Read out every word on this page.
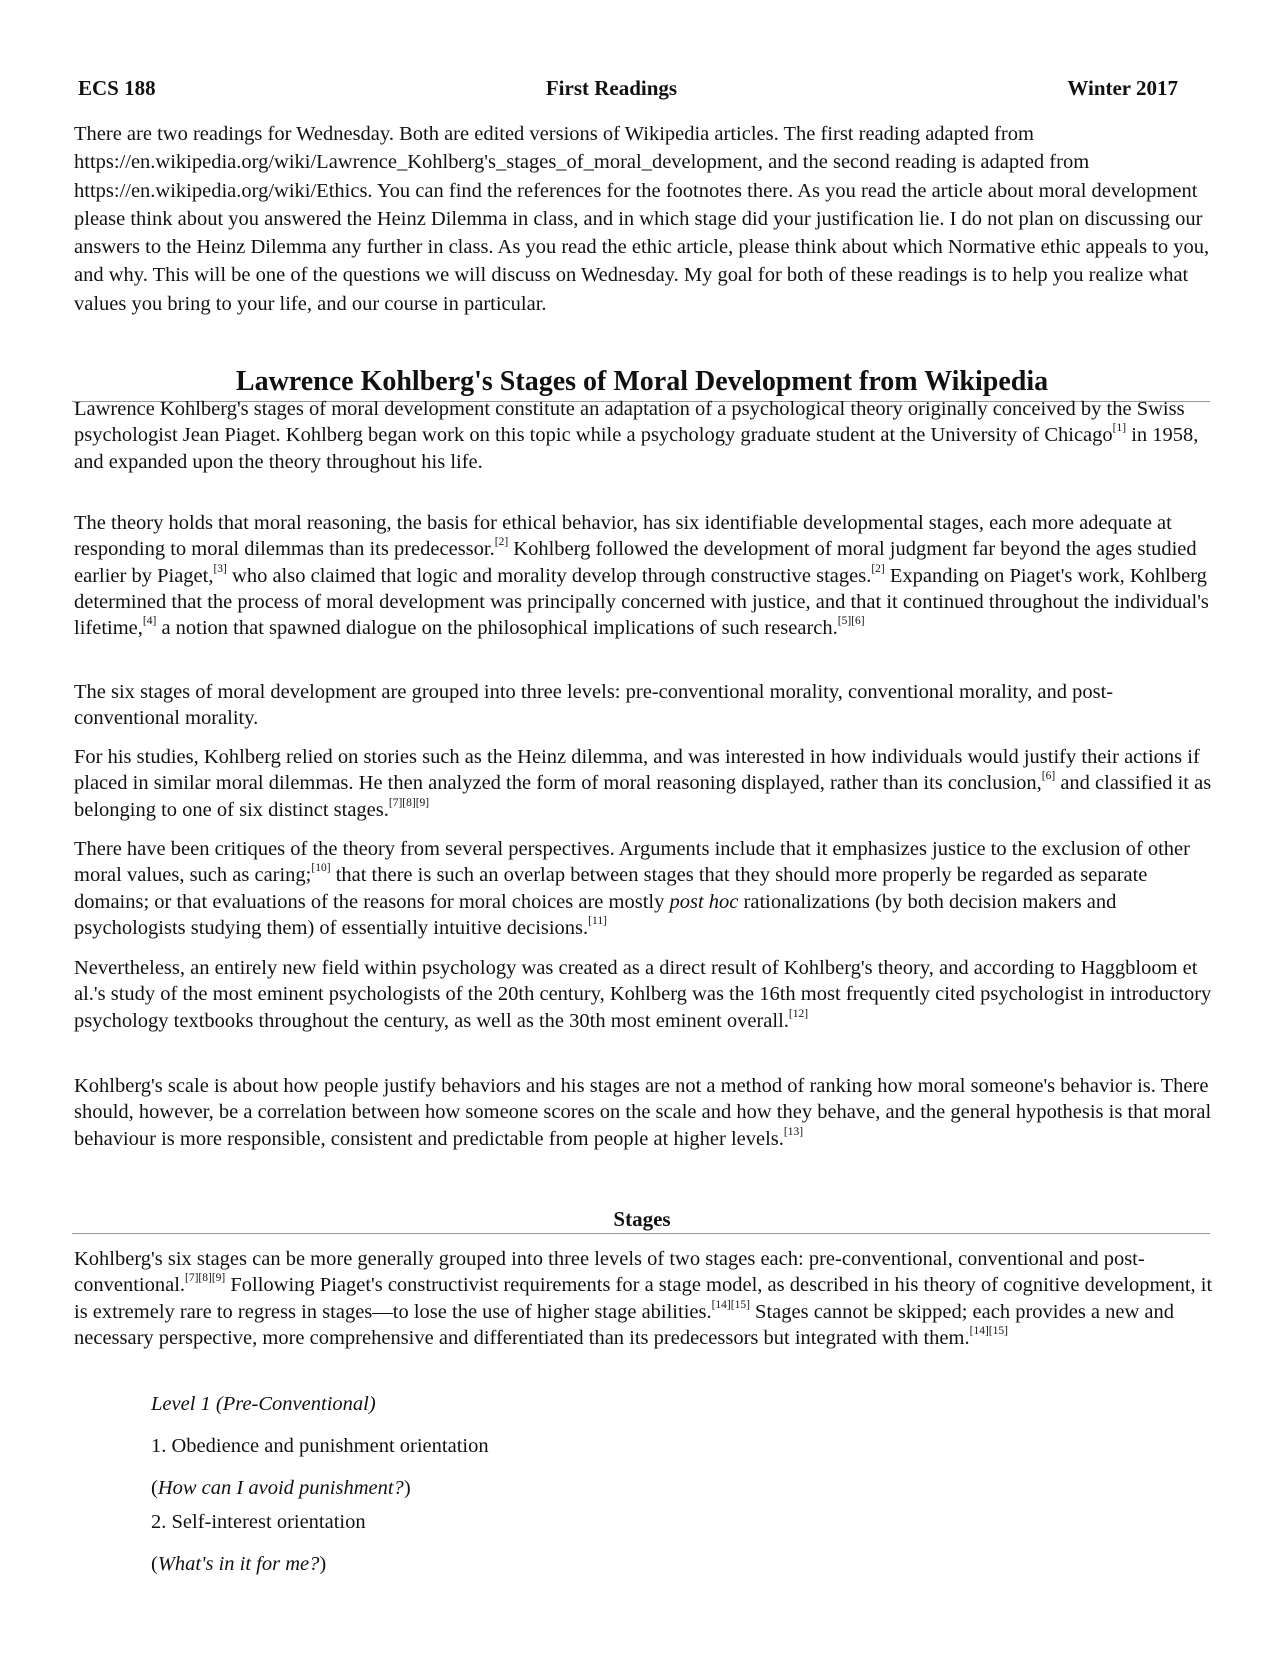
ECS 188	First Readings	Winter 2017

There are two readings for Wednesday. Both are edited versions of Wikipedia articles. The first reading adapted from https://en.wikipedia.org/wiki/Lawrence_Kohlberg's_stages_of_moral_development, and the second reading is adapted from https://en.wikipedia.org/wiki/Ethics. You can find the references for the footnotes there. As you read the article about moral development please think about you answered the Heinz Dilemma in class, and in which stage did your justification lie. I do not plan on discussing our answers to the Heinz Dilemma any further in class. As you read the ethic article, please think about which Normative ethic appeals to you, and why. This will be one of the questions we will discuss on Wednesday. My goal for both of these readings is to help you realize what values you bring to your life, and our course in particular.

Lawrence Kohlberg's Stages of Moral Development from Wikipedia

Lawrence Kohlberg's stages of moral development constitute an adaptation of a psychological theory originally conceived by the Swiss psychologist Jean Piaget. Kohlberg began work on this topic while a psychology graduate student at the University of Chicago[1] in 1958, and expanded upon the theory throughout his life.

The theory holds that moral reasoning, the basis for ethical behavior, has six identifiable developmental stages, each more adequate at responding to moral dilemmas than its predecessor.[2] Kohlberg followed the development of moral judgment far beyond the ages studied earlier by Piaget,[3] who also claimed that logic and morality develop through constructive stages.[2] Expanding on Piaget's work, Kohlberg determined that the process of moral development was principally concerned with justice, and that it continued throughout the individual's lifetime,[4] a notion that spawned dialogue on the philosophical implications of such research.[5][6]

The six stages of moral development are grouped into three levels: pre-conventional morality, conventional morality, and post-conventional morality.

For his studies, Kohlberg relied on stories such as the Heinz dilemma, and was interested in how individuals would justify their actions if placed in similar moral dilemmas. He then analyzed the form of moral reasoning displayed, rather than its conclusion,[6] and classified it as belonging to one of six distinct stages.[7][8][9]

There have been critiques of the theory from several perspectives. Arguments include that it emphasizes justice to the exclusion of other moral values, such as caring;[10] that there is such an overlap between stages that they should more properly be regarded as separate domains; or that evaluations of the reasons for moral choices are mostly post hoc rationalizations (by both decision makers and psychologists studying them) of essentially intuitive decisions.[11]

Nevertheless, an entirely new field within psychology was created as a direct result of Kohlberg's theory, and according to Haggbloom et al.'s study of the most eminent psychologists of the 20th century, Kohlberg was the 16th most frequently cited psychologist in introductory psychology textbooks throughout the century, as well as the 30th most eminent overall.[12]

Kohlberg's scale is about how people justify behaviors and his stages are not a method of ranking how moral someone's behavior is. There should, however, be a correlation between how someone scores on the scale and how they behave, and the general hypothesis is that moral behaviour is more responsible, consistent and predictable from people at higher levels.[13]

Stages

Kohlberg's six stages can be more generally grouped into three levels of two stages each: pre-conventional, conventional and post-conventional.[7][8][9] Following Piaget's constructivist requirements for a stage model, as described in his theory of cognitive development, it is extremely rare to regress in stages—to lose the use of higher stage abilities.[14][15] Stages cannot be skipped; each provides a new and necessary perspective, more comprehensive and differentiated than its predecessors but integrated with them.[14][15]

Level 1 (Pre-Conventional)

1. Obedience and punishment orientation

(How can I avoid punishment?)

2. Self-interest orientation

(What's in it for me?)
